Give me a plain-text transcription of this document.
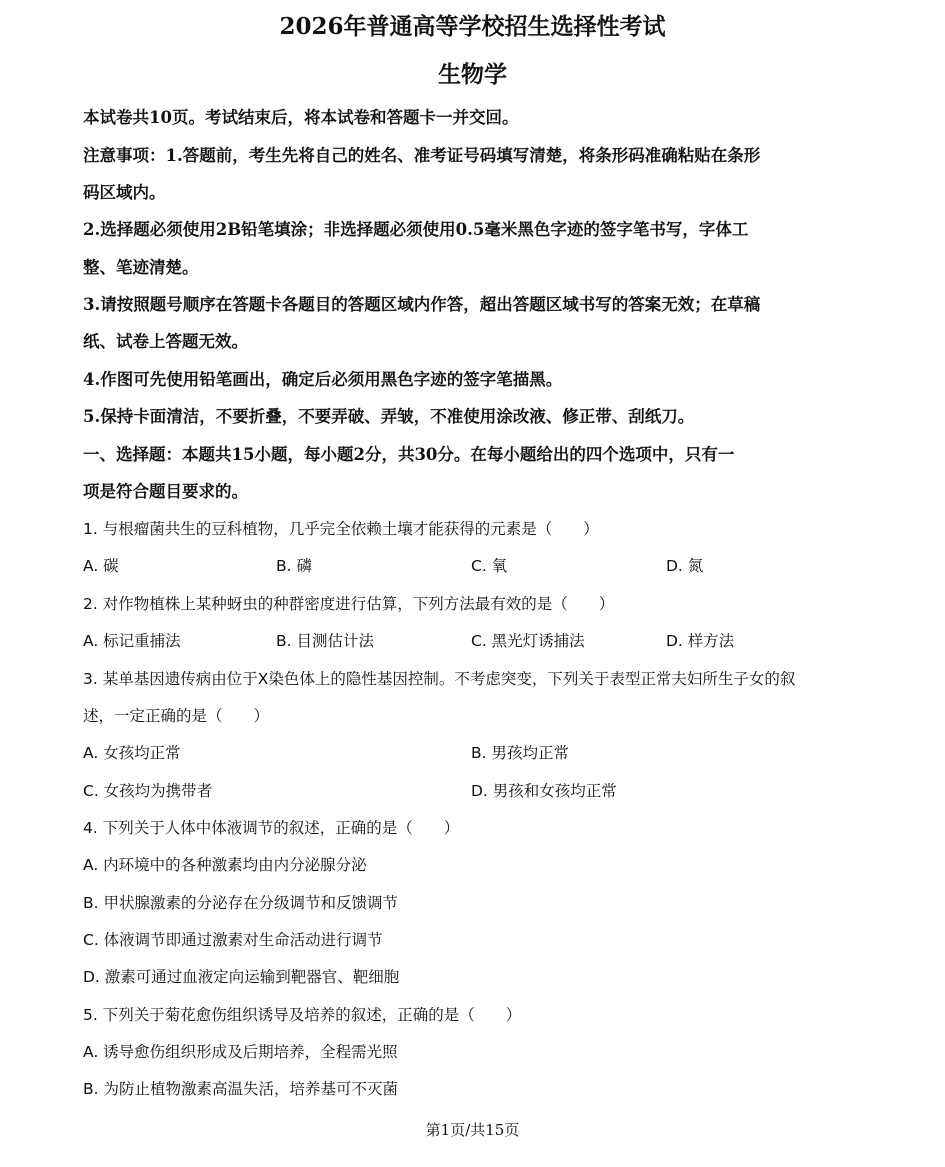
2026年普通高等学校招生选择性考试
生物学
本试卷共10页。考试结束后，将本试卷和答题卡一并交回。
注意事项：1.答题前，考生先将自己的姓名、准考证号码填写清楚，将条形码准确粘贴在条形
码区域内。
2.选择题必须使用2B铅笔填涂；非选择题必须使用0.5毫米黑色字迹的签字笔书写，字体工
整、笔迹清楚。
3.请按照题号顺序在答题卡各题目的答题区域内作答，超出答题区域书写的答案无效；在草稿
纸、试卷上答题无效。
4.作图可先使用铅笔画出，确定后必须用黑色字迹的签字笔描黑。
5.保持卡面清洁，不要折叠，不要弄破、弄皱，不准使用涂改液、修正带、刮纸刀。
一、选择题：本题共15小题，每小题2分，共30分。在每小题给出的四个选项中，只有一
项是符合题目要求的。
1. 与根瘤菌共生的豆科植物，几乎完全依赖土壤才能获得的元素是（　　）
A. 碳	B. 磷	C. 氧	D. 氮
2. 对作物植株上某种蚜虫的种群密度进行估算，下列方法最有效的是（　　）
A. 标记重捕法	B. 目测估计法	C. 黑光灯诱捕法	D. 样方法
3. 某单基因遗传病由位于X染色体上的隐性基因控制。不考虑突变，下列关于表型正常夫妇所生子女的叙
述，一定正确的是（　　）
A. 女孩均正常	B. 男孩均正常
C. 女孩均为携带者	D. 男孩和女孩均正常
4. 下列关于人体中体液调节的叙述，正确的是（　　）
A. 内环境中的各种激素均由内分泌腺分泌
B. 甲状腺激素的分泌存在分级调节和反馈调节
C. 体液调节即通过激素对生命活动进行调节
D. 激素可通过血液定向运输到靶器官、靶细胞
5. 下列关于菊花愈伤组织诱导及培养的叙述，正确的是（　　）
A. 诱导愈伤组织形成及后期培养，全程需光照
B. 为防止植物激素高温失活，培养基可不灭菌
第1页/共15页
